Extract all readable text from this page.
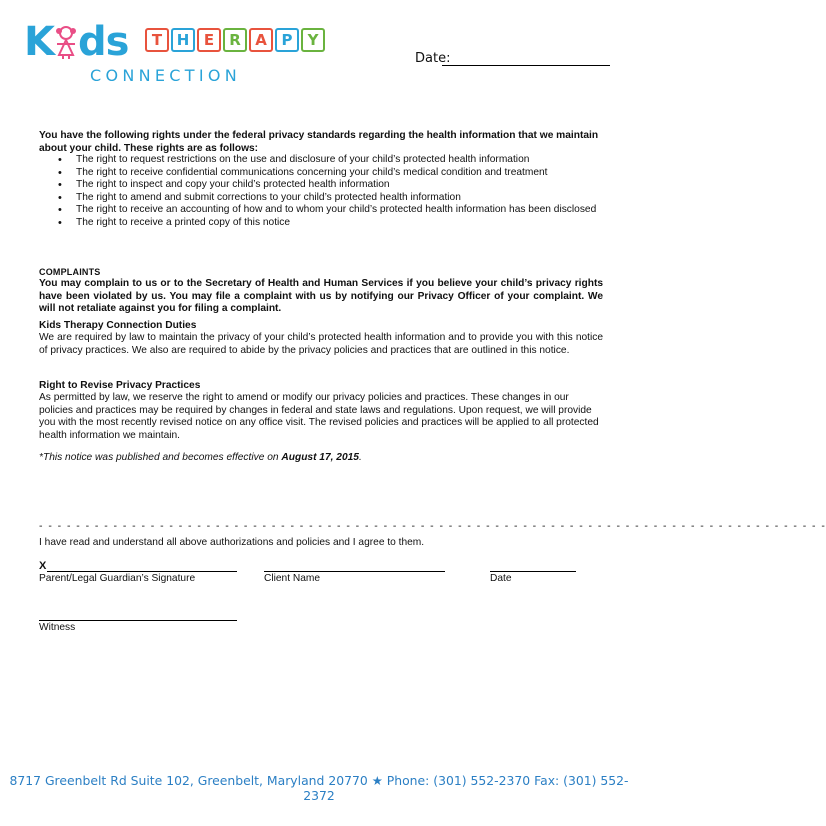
K ds	T H E	R A P	Y
CONNECTION
Date:
You have the following rights under the federal privacy standards regarding the health information that we maintain about your child. These rights are as follows:
• The right to request restrictions on the use and disclosure of your child’s protected health information
• The right to receive confidential communications concerning your child’s medical condition and treatment
• The right to inspect and copy your child’s protected health information
• The right to amend and submit corrections to your child’s protected health information
• The right to receive an accounting of how and to whom your child’s protected health information has been disclosed
• The right to receive a printed copy of this notice
COMPLAINTS
You may complain to us or to the Secretary of Health and Human Services if you believe your child’s privacy rights have been violated by us. You may file a complaint with us by notifying our Privacy Officer of your complaint. We will not retaliate against you for filing a complaint.
Kids Therapy Connection Duties
We are required by law to maintain the privacy of your child’s protected health information and to provide you with this notice of privacy practices. We also are required to abide by the privacy policies and practices that are outlined in this notice.
Right to Revise Privacy Practices
As permitted by law, we reserve the right to amend or modify our privacy policies and practices. These changes in our policies and practices may be required by changes in federal and state laws and regulations. Upon request, we will provide you with the most recently revised notice on any office visit. The revised policies and practices will be applied to all protected health information we maintain.
*This notice was published and becomes effective on August 17, 2015.
- - - - - - - - - - - - - - - - - - - - - - - - - - - - - - - - - - - - - - - - - - - - - - - - - - - - - - - - - - - - - - - - - - - - - - - - - - - - - - - - - - - - -
I have read and understand all above authorizations and policies and I agree to them.
X
Parent/Legal Guardian’s Signature	Client Name	Date
Witness
8717 Greenbelt Rd Suite 102, Greenbelt, Maryland 20770 ★ Phone: (301) 552-2370 Fax: (301) 552-2372
